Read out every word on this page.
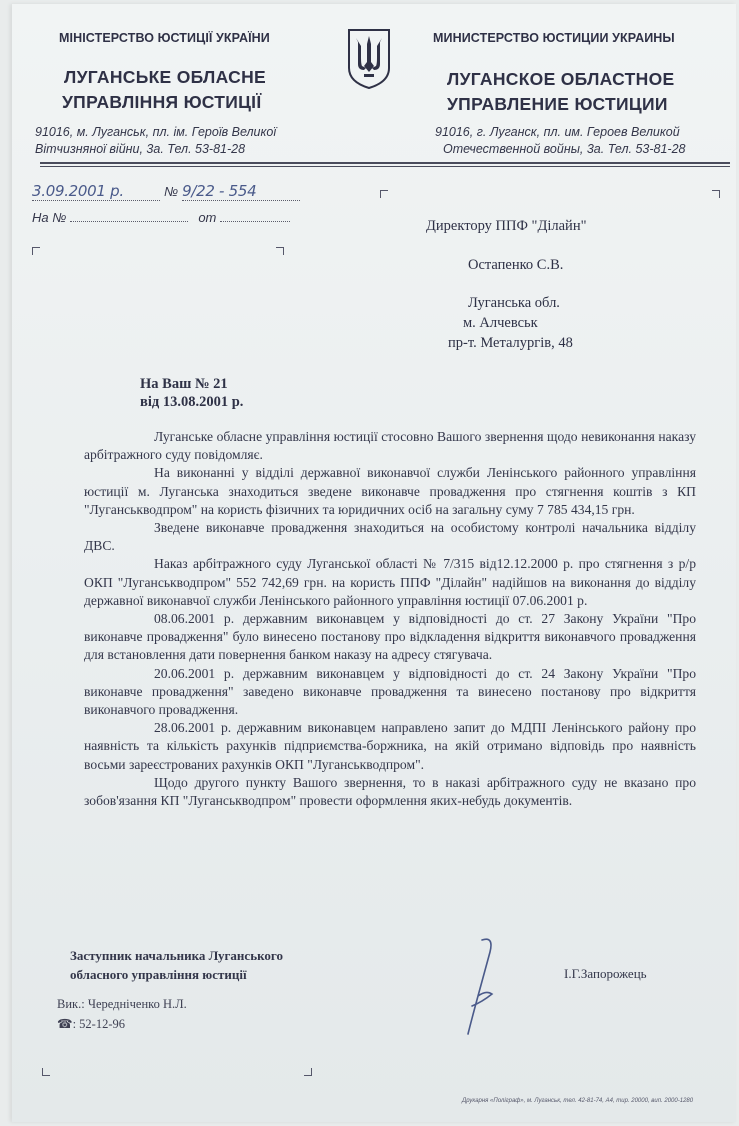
МІНІСТЕРСТВО ЮСТИЦІЇ УКРАЇНИ
ЛУГАНСЬКЕ ОБЛАСНЕ
УПРАВЛІННЯ ЮСТИЦІЇ
91016, м. Луганськ, пл. ім. Героїв Великої
Вітчизняної війни, 3а. Тел. 53-81-28
МИНИСТЕРСТВО ЮСТИЦИИ УКРАИНЫ
ЛУГАНСКОЕ ОБЛАСТНОЕ
УПРАВЛЕНИЕ ЮСТИЦИИ
91016, г. Луганск, пл. им. Героев Великой
Отечественной войны, 3а. Тел. 53-81-28
3.09.2001 р.	№ 9/22 - 554
На №	от
Директору ППФ "Ділайн"
Остапенко С.В.
Луганська обл.
м. Алчевськ
пр-т. Металургів, 48
На Ваш № 21
від 13.08.2001 р.

Луганське обласне управління юстиції стосовно Вашого звернення щодо невиконання наказу арбітражного суду повідомляє.

На виконанні у відділі державної виконавчої служби Ленінського районного управління юстиції м. Луганська знаходиться зведене виконавче провадження про стягнення коштів з КП "Луганськводпром" на користь фізичних та юридичних осіб на загальну суму 7 785 434,15 грн.

Зведене виконавче провадження знаходиться на особистому контролі начальника відділу ДВС.

Наказ арбітражного суду Луганської області № 7/315 від12.12.2000 р. про стягнення з р/р ОКП "Луганськводпром" 552 742,69 грн. на користь ППФ "Ділайн" надійшов на виконання до відділу державної виконавчої служби Ленінського районного управління юстиції 07.06.2001 р.

08.06.2001 р. державним виконавцем у відповідності до ст. 27 Закону України "Про виконавче провадження" було винесено постанову про відкладення відкриття виконавчого провадження для встановлення дати повернення банком наказу на адресу стягувача.

20.06.2001 р. державним виконавцем у відповідності до ст. 24 Закону України "Про виконавче провадження" заведено виконавче провадження та винесено постанову про відкриття виконавчого провадження.

28.06.2001 р. державним виконавцем направлено запит до МДПІ Ленінського району про наявність та кількість рахунків підприємства-боржника, на якій отримано відповідь про наявність восьми зареєстрованих рахунків ОКП "Луганськводпром".

Щодо другого пункту Вашого звернення, то в наказі арбітражного суду не вказано про зобов'язання КП "Луганськводпром" провести оформлення яких-небудь документів.

Заступник начальника Луганського
обласного управління юстиції	І.Г.Запорожець
Вик.: Чередніченко Н.Л.
☎: 52-12-96
Друкарня «Поліграф», м. Луганськ, тел. 42-81-74, А4, тир. 20000, вип. 2000-1280
